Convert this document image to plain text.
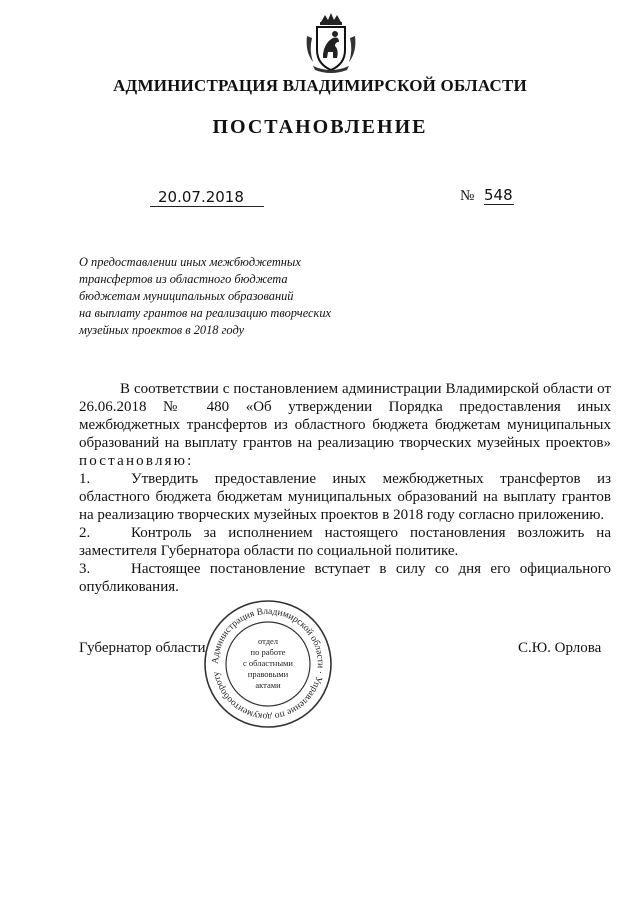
АДМИНИСТРАЦИЯ ВЛАДИМИРСКОЙ ОБЛАСТИ
ПОСТАНОВЛЕНИЕ
20.07.2018	№ 548
О предоставлении иных межбюджетных
трансфертов из областного бюджета
бюджетам муниципальных образований
на выплату грантов на реализацию творческих
музейных проектов в 2018 году
В соответствии с постановлением администрации Владимирской области от
26.06.2018 № 480 «Об утверждении Порядка предоставления иных
межбюджетных трансфертов из областного бюджета бюджетам муниципальных
образований на выплату грантов на реализацию творческих музейных проектов»
постановляю:
1.	Утвердить предоставление иных межбюджетных трансфертов из
областного бюджета бюджетам муниципальных образований на выплату грантов
на реализацию творческих музейных проектов в 2018 году согласно приложению.
2.	Контроль за исполнением настоящего постановления возложить на
заместителя Губернатора области по социальной политике.
3.	Настоящее постановление вступает в силу со дня его официального
опубликования.
Губернатор области	С.Ю. Орлова
Администрация Владимирской области · Управление по документообороту
отдел
по работе
с областными
правовыми
актами
